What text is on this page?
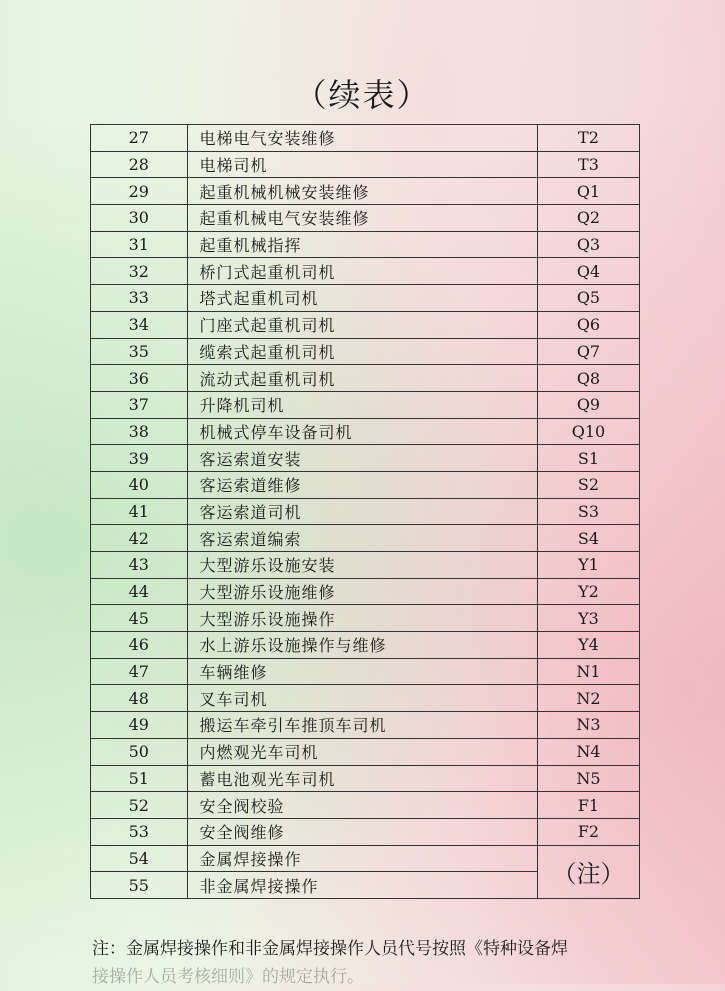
（续表）
27	电梯电气安装维修	T2
28	电梯司机	T3
29	起重机械机械安装维修	Q1
30	起重机械电气安装维修	Q2
31	起重机械指挥	Q3
32	桥门式起重机司机	Q4
33	塔式起重机司机	Q5
34	门座式起重机司机	Q6
35	缆索式起重机司机	Q7
36	流动式起重机司机	Q8
37	升降机司机	Q9
38	机械式停车设备司机	Q10
39	客运索道安装	S1
40	客运索道维修	S2
41	客运索道司机	S3
42	客运索道编索	S4
43	大型游乐设施安装	Y1
44	大型游乐设施维修	Y2
45	大型游乐设施操作	Y3
46	水上游乐设施操作与维修	Y4
47	车辆维修	N1
48	叉车司机	N2
49	搬运车牵引车推顶车司机	N3
50	内燃观光车司机	N4
51	蓄电池观光车司机	N5
52	安全阀校验	F1
53	安全阀维修	F2
54	金属焊接操作	（注）
55	非金属焊接操作	
注：金属焊接操作和非金属焊接操作人员代号按照《特种设备焊
接操作人员考核细则》的规定执行。
